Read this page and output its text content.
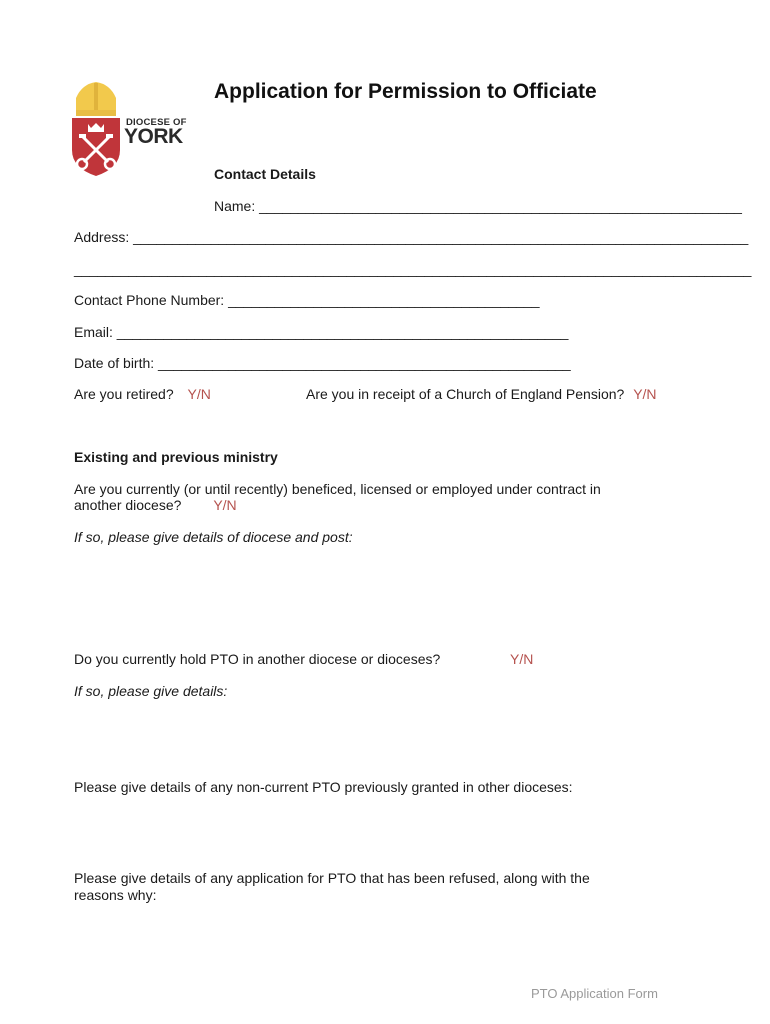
DIOCESE OF
YORK
Application for Permission to Officiate
Contact Details
Name: ______________________________________________________________
Address: _______________________________________________________________________________
_______________________________________________________________________________________
Contact Phone Number: ________________________________________
Email: __________________________________________________________
Date of birth: _____________________________________________________
Are you retired? Y/N	Are you in receipt of a Church of England Pension? Y/N
Existing and previous ministry
Are you currently (or until recently) beneficed, licensed or employed under contract in
another diocese? Y/N
If so, please give details of diocese and post:
Do you currently hold PTO in another diocese or dioceses?	Y/N
If so, please give details:
Please give details of any non-current PTO previously granted in other dioceses:
Please give details of any application for PTO that has been refused, along with the
reasons why:
PTO Application Form
